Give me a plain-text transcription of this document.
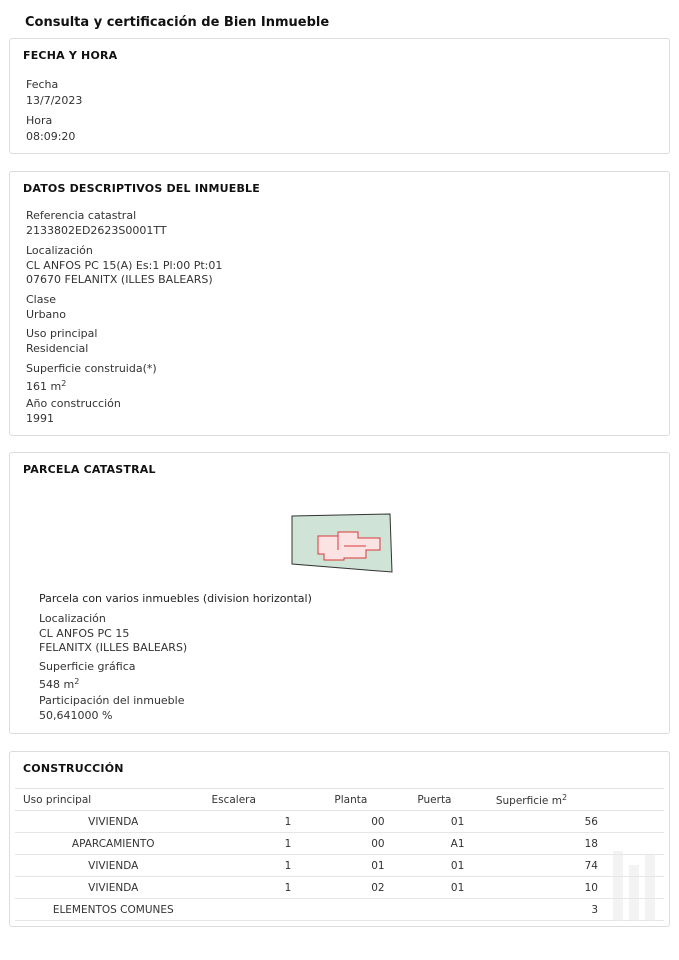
Consulta y certificación de Bien Inmueble
FECHA Y HORA
Fecha
13/7/2023
Hora
08:09:20
DATOS DESCRIPTIVOS DEL INMUEBLE
Referencia catastral
2133802ED2623S0001TT
Localización
CL ANFOS PC 15(A) Es:1 Pl:00 Pt:01
07670 FELANITX (ILLES BALEARS)
Clase
Urbano
Uso principal
Residencial
Superficie construida(*)
161 $m^2$
Año construcción
1991
PARCELA CATASTRAL
Parcela con varios inmuebles (division horizontal)
Localización
CL ANFOS PC 15
FELANITX (ILLES BALEARS)
Superficie gráfica
548 $m^2$
Participación del inmueble
50,641000 %
CONSTRUCCIÓN
Uso principal	Escalera	Planta	Puerta	Superficie $m^2$
VIVIENDA	1	00	01	56
APARCAMIENTO	1	00	A1	18
VIVIENDA	1	01	01	74
VIVIENDA	1	02	01	10
ELEMENTOS COMUNES				3
